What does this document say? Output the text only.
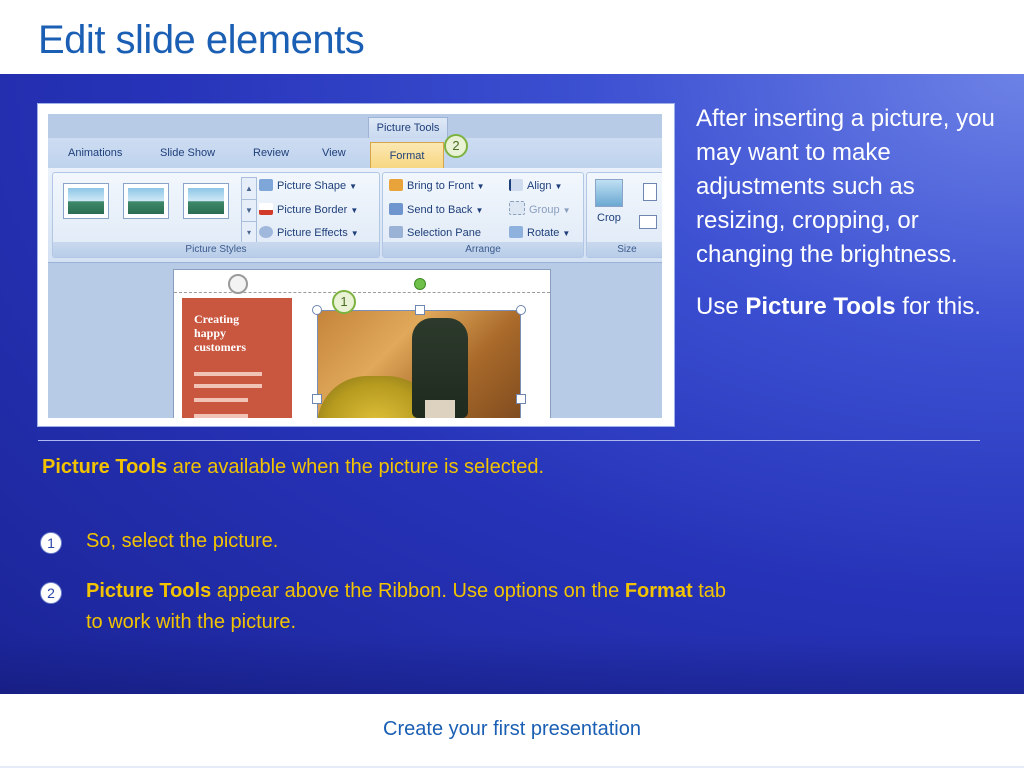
Edit slide elements
Picture Tools
Animations	Slide Show	Review	View	Format
2
▲
▼
▾
Picture Shape ▼
Picture Border ▼
Picture Effects ▼
Picture Styles
Bring to Front ▼
Send to Back ▼
Selection Pane
Align ▼
Group ▼
Rotate ▼
Arrange
Crop
Size
Creating happy customers
1

After inserting a picture, you may want to make adjustments such as resizing, cropping, or changing the brightness.

Use Picture Tools for this.

Picture Tools are available when the picture is selected.
1	So, select the picture.
2	Picture Tools appear above the Ribbon. Use options on the Format tab to work with the picture.
Create your first presentation
